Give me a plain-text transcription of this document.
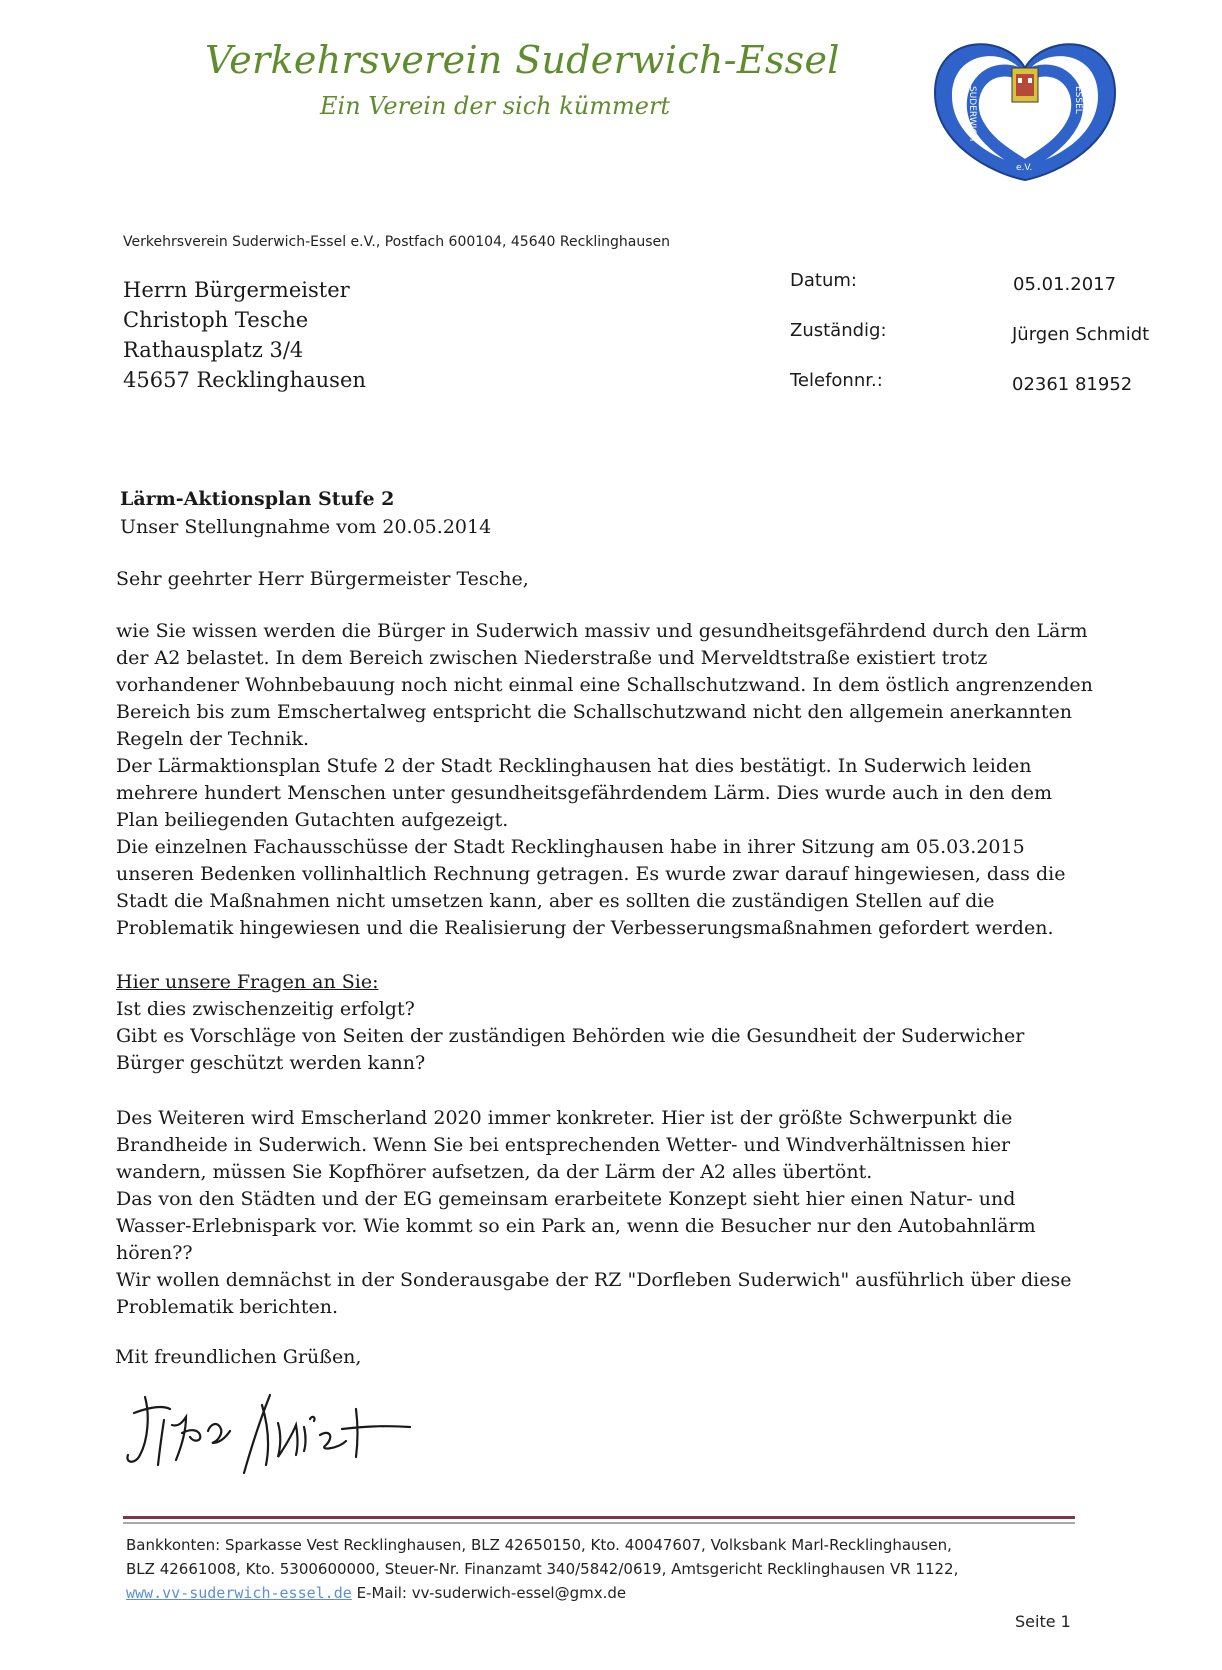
Verkehrsverein Suderwich-Essel
Ein Verein der sich kümmert	SUDERWICH	ESSEL
e.V.
Verkehrsverein Suderwich-Essel e.V., Postfach 600104, 45640 Recklinghausen
Herrn Bürgermeister
Christoph Tesche
Rathausplatz 3/4
45657 Recklinghausen
Datum:	05.01.2017
Zuständig:	Jürgen Schmidt
Telefonnr.:	02361 81952
Lärm-Aktionsplan Stufe 2
Unser Stellungnahme vom 20.05.2014
Sehr geehrter Herr Bürgermeister Tesche,

wie Sie wissen werden die Bürger in Suderwich massiv und gesundheitsgefährdend durch den Lärm der A2 belastet. In dem Bereich zwischen Niederstraße und Merveldtstraße existiert trotz vorhandener Wohnbebauung noch nicht einmal eine Schallschutzwand. In dem östlich angrenzenden Bereich bis zum Emschertalweg entspricht die Schallschutzwand nicht den allgemein anerkannten Regeln der Technik.

Der Lärmaktionsplan Stufe 2 der Stadt Recklinghausen hat dies bestätigt. In Suderwich leiden mehrere hundert Menschen unter gesundheitsgefährdendem Lärm. Dies wurde auch in den dem Plan beiliegenden Gutachten aufgezeigt.

Die einzelnen Fachausschüsse der Stadt Recklinghausen habe in ihrer Sitzung am 05.03.2015 unseren Bedenken vollinhaltlich Rechnung getragen. Es wurde zwar darauf hingewiesen, dass die Stadt die Maßnahmen nicht umsetzen kann, aber es sollten die zuständigen Stellen auf die Problematik hingewiesen und die Realisierung der Verbesserungsmaßnahmen gefordert werden.

Hier unsere Fragen an Sie:

Ist dies zwischenzeitig erfolgt?

Gibt es Vorschläge von Seiten der zuständigen Behörden wie die Gesundheit der Suderwicher Bürger geschützt werden kann?

Des Weiteren wird Emscherland 2020 immer konkreter. Hier ist der größte Schwerpunkt die Brandheide in Suderwich. Wenn Sie bei entsprechenden Wetter- und Windverhältnissen hier wandern, müssen Sie Kopfhörer aufsetzen, da der Lärm der A2 alles übertönt.

Das von den Städten und der EG gemeinsam erarbeitete Konzept sieht hier einen Natur- und Wasser-Erlebnispark vor. Wie kommt so ein Park an, wenn die Besucher nur den Autobahnlärm hören??

Wir wollen demnächst in der Sonderausgabe der RZ "Dorfleben Suderwich" ausführlich über diese Problematik berichten.

Mit freundlichen Grüßen,
Bankkonten: Sparkasse Vest Recklinghausen, BLZ 42650150, Kto. 40047607, Volksbank Marl-Recklinghausen,
BLZ 42661008, Kto. 5300600000, Steuer-Nr. Finanzamt 340/5842/0619, Amtsgericht Recklinghausen VR 1122,
www.vv-suderwich-essel.de E-Mail: vv-suderwich-essel@gmx.de
Seite 1
